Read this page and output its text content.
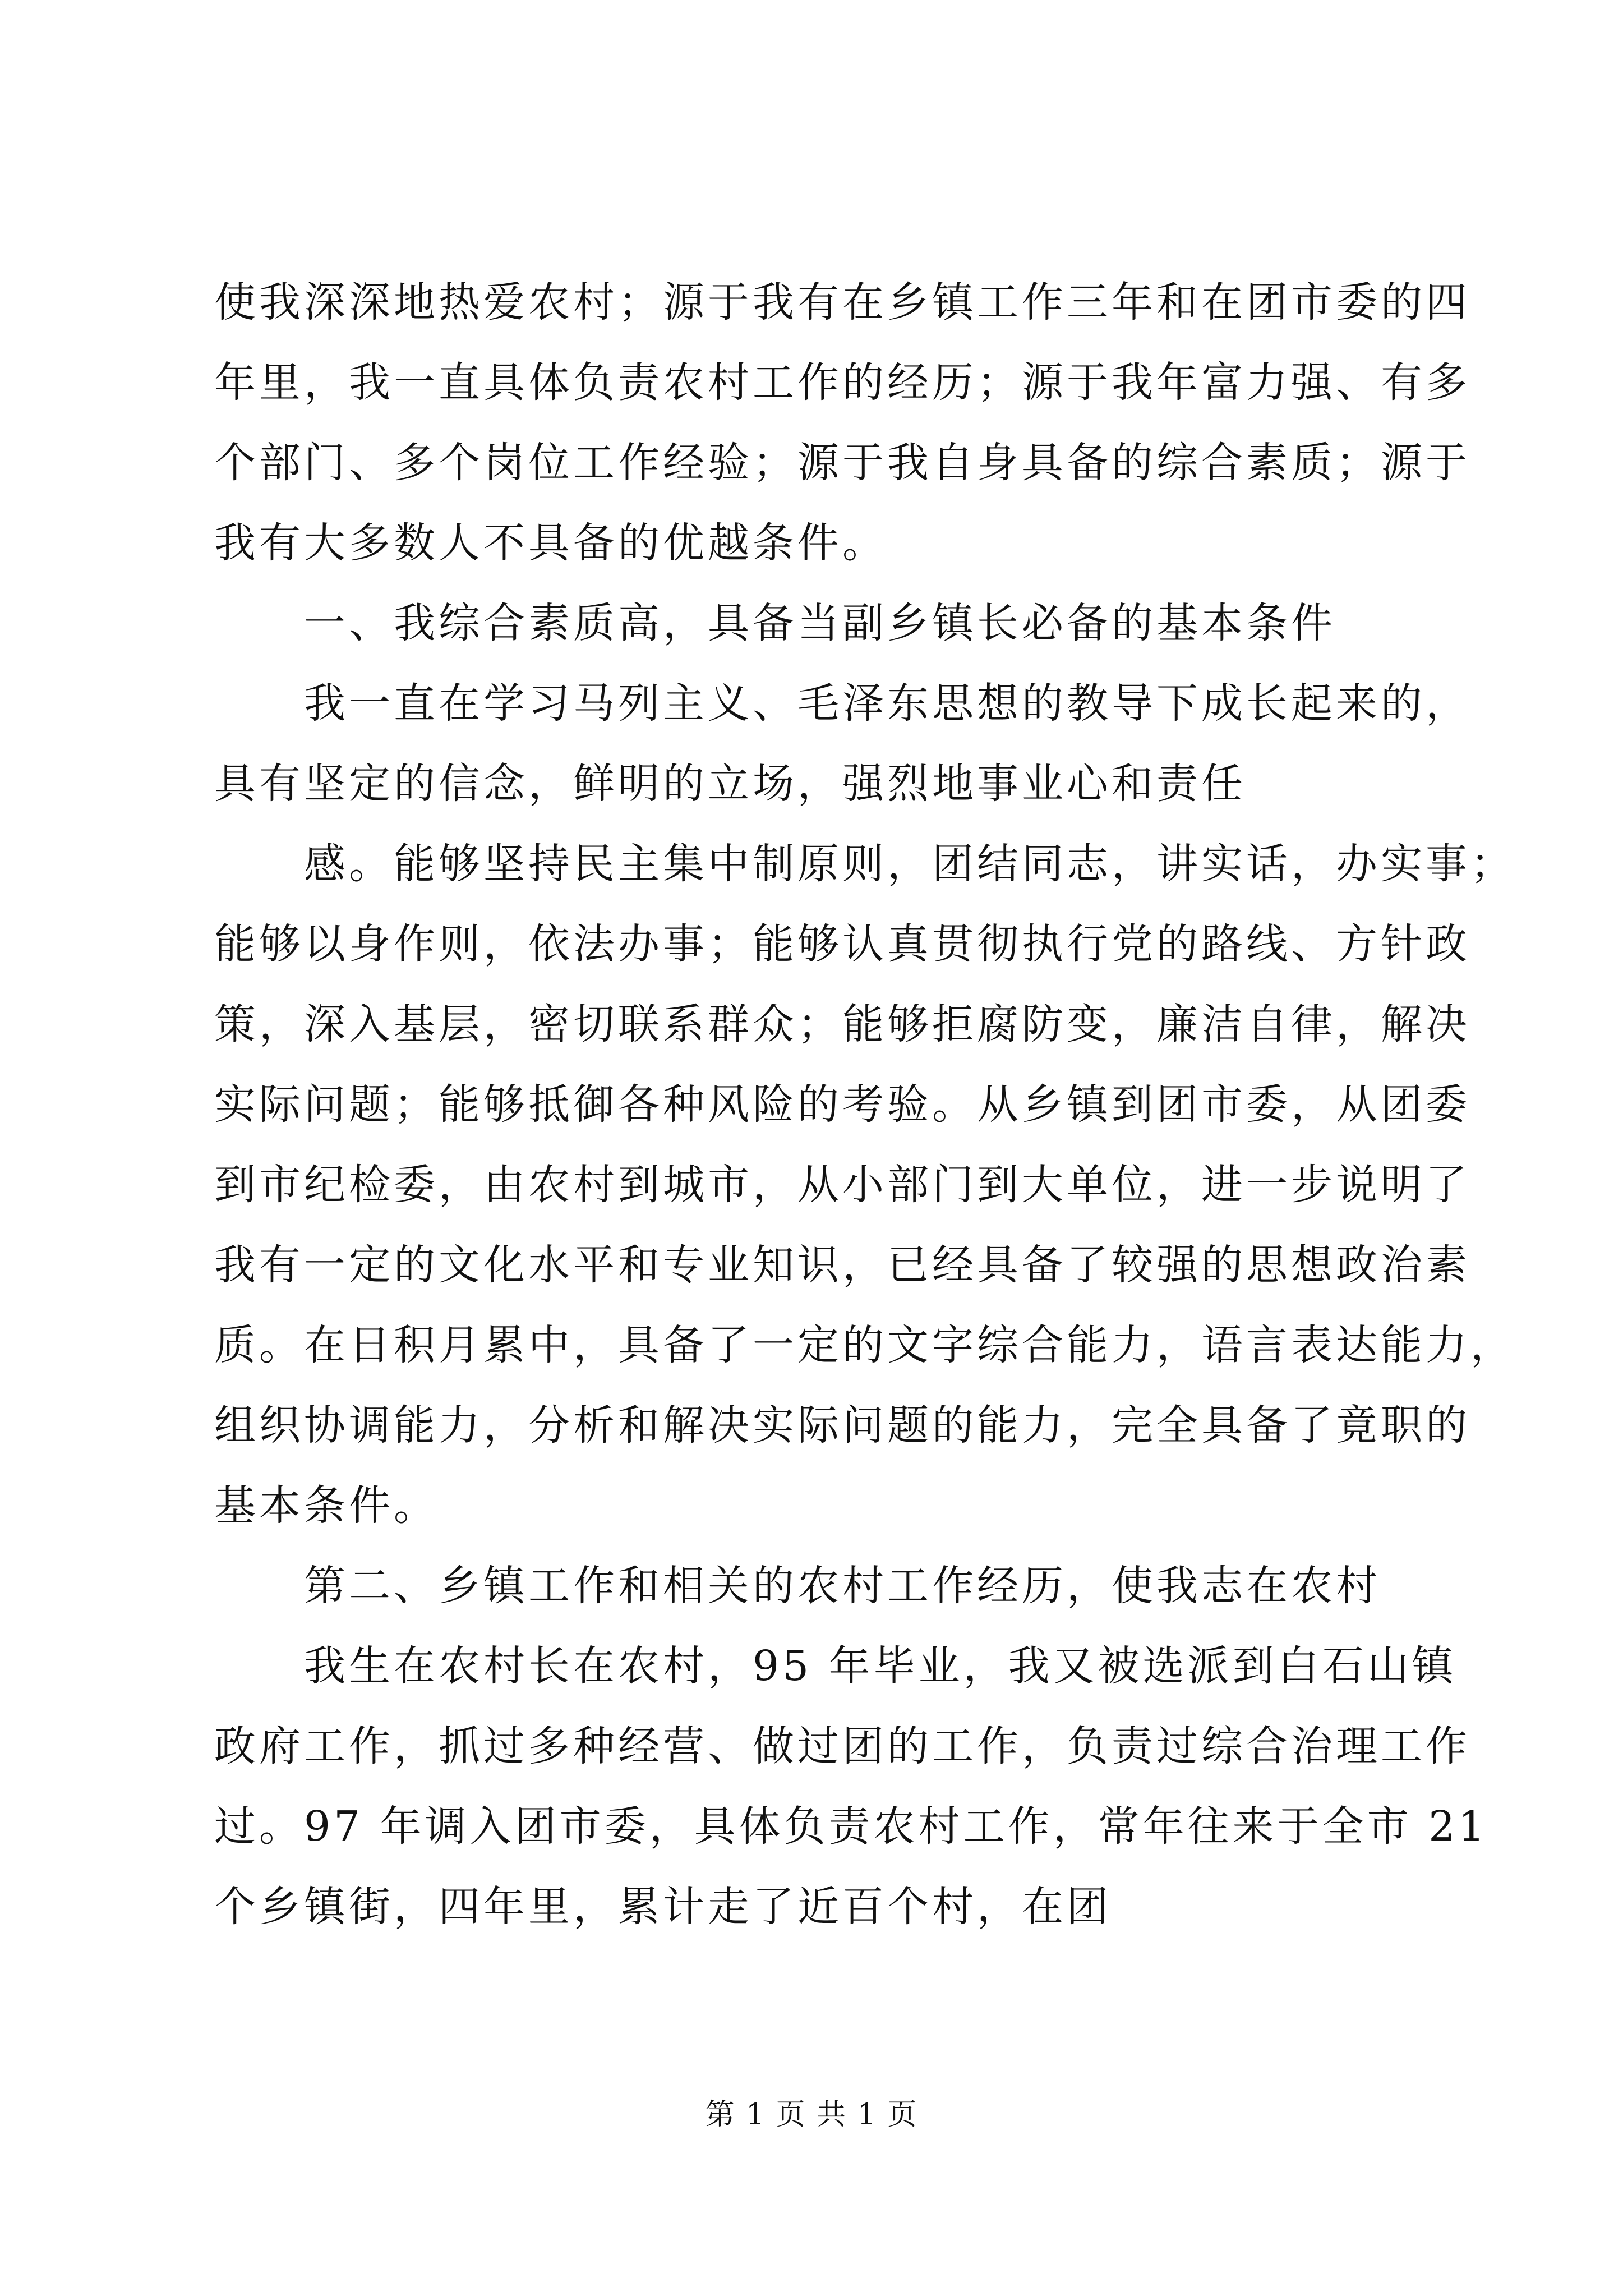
使我深深地热爱农村；源于我有在乡镇工作三年和在团市委的四
年里，我一直具体负责农村工作的经历；源于我年富力强、有多
个部门、多个岗位工作经验；源于我自身具备的综合素质；源于
我有大多数人不具备的优越条件。
一、我综合素质高，具备当副乡镇长必备的基本条件
我一直在学习马列主义、毛泽东思想的教导下成长起来的，
具有坚定的信念，鲜明的立场，强烈地事业心和责任
感。能够坚持民主集中制原则，团结同志，讲实话，办实事；
能够以身作则，依法办事；能够认真贯彻执行党的路线、方针政
策，深入基层，密切联系群众；能够拒腐防变，廉洁自律，解决
实际问题；能够抵御各种风险的考验。从乡镇到团市委，从团委
到市纪检委，由农村到城市，从小部门到大单位，进一步说明了
我有一定的文化水平和专业知识，已经具备了较强的思想政治素
质。在日积月累中，具备了一定的文字综合能力，语言表达能力，
组织协调能力，分析和解决实际问题的能力，完全具备了竟职的
基本条件。
第二、乡镇工作和相关的农村工作经历，使我志在农村
我生在农村长在农村，95 年毕业，我又被选派到白石山镇
政府工作，抓过多种经营、做过团的工作，负责过综合治理工作
过。97 年调入团市委，具体负责农村工作，常年往来于全市 21
个乡镇街，四年里，累计走了近百个村，在团
第 1 页 共 1 页
